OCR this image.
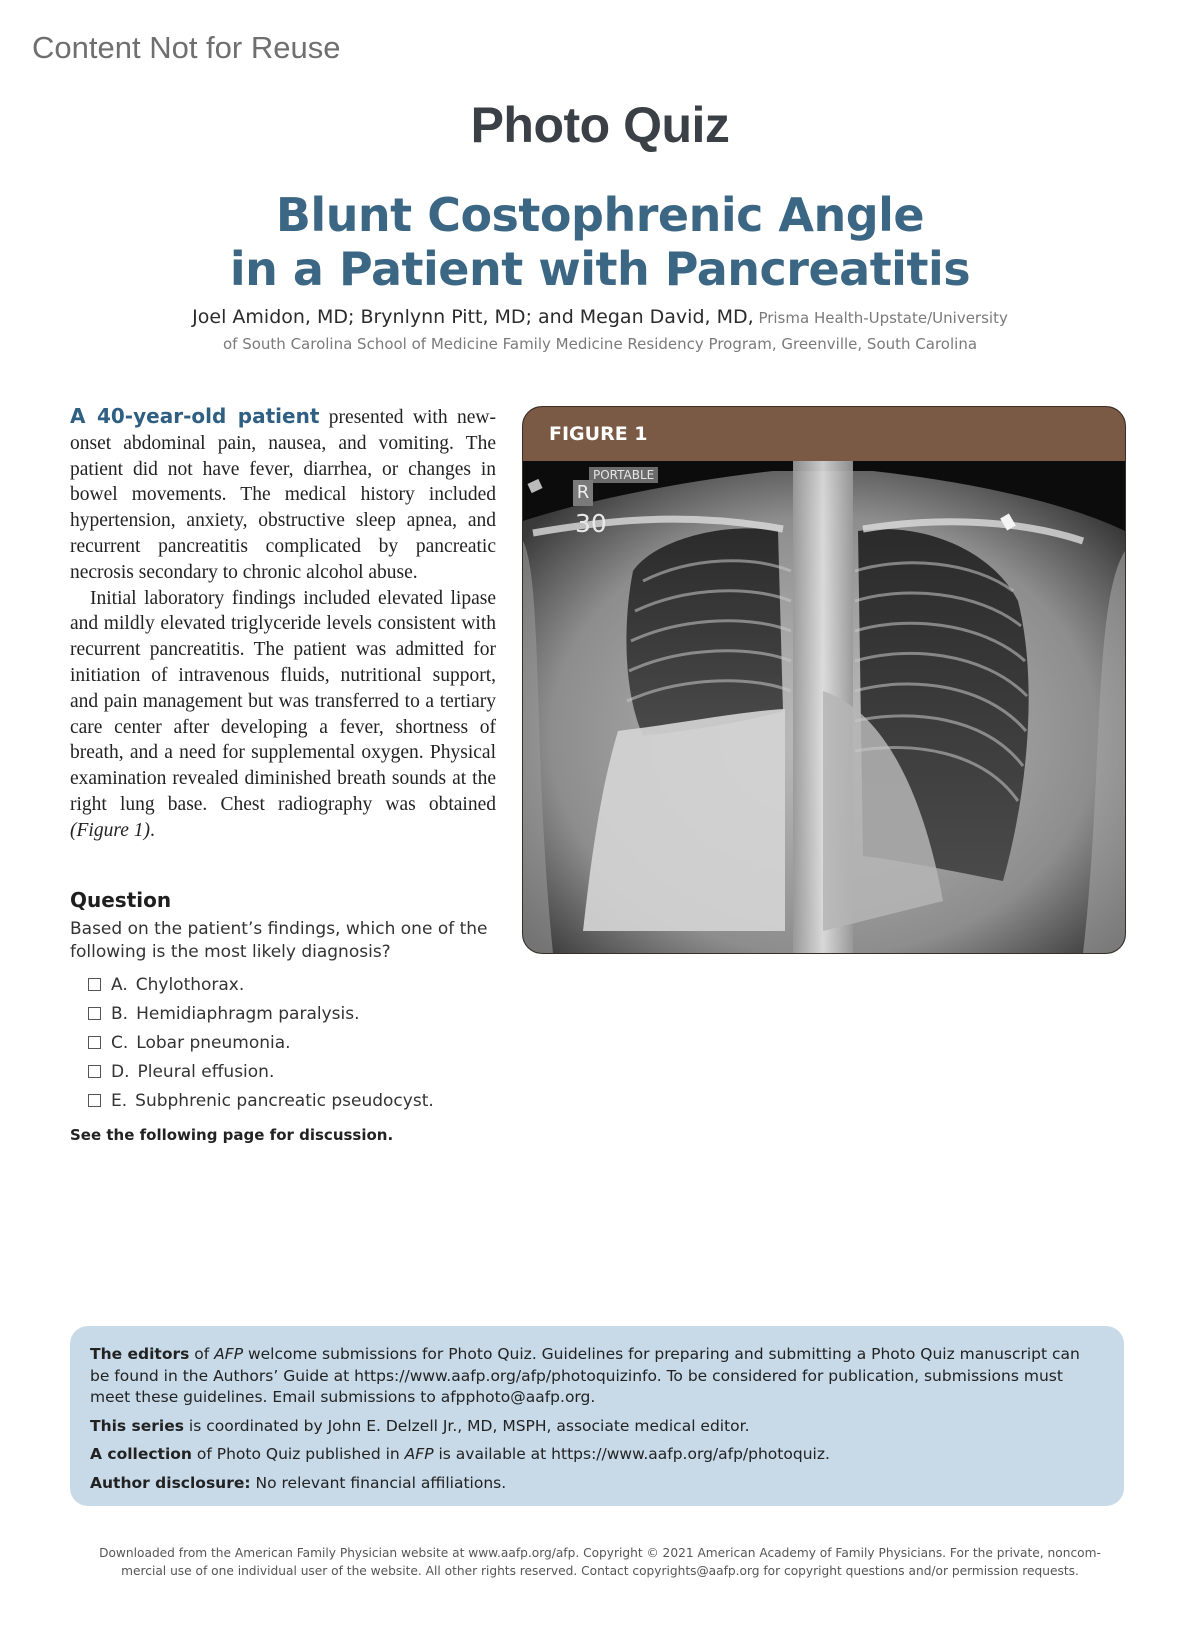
Content Not for Reuse
Photo Quiz
Blunt Costophrenic Angle
in a Patient with Pancreatitis
Joel Amidon, MD; Brynlynn Pitt, MD; and Megan David, MD, Prisma Health-Upstate/University
of South Carolina School of Medicine Family Medicine Residency Program, Greenville, South Carolina

A 40-year-old patient presented with new-onset abdominal pain, nausea, and vomiting. The patient did not have fever, diarrhea, or changes in bowel movements. The medical history included hypertension, anxiety, obstructive sleep apnea, and recurrent pancreatitis complicated by pancreatic necrosis secondary to chronic alcohol abuse.

Initial laboratory findings included elevated lipase and mildly elevated triglyceride levels consistent with recurrent pancreatitis. The patient was admitted for initiation of intravenous fluids, nutritional support, and pain management but was transferred to a tertiary care center after developing a fever, shortness of breath, and a need for supplemental oxygen. Physical examination revealed diminished breath sounds at the right lung base. Chest radiography was obtained (Figure 1).

Question
Based on the patient’s findings, which one of the following is the most likely diagnosis?
A. Chylothorax.
B. Hemidiaphragm paralysis.
C. Lobar pneumonia.
D. Pleural effusion.
E. Subphrenic pancreatic pseudocyst.
See the following page for discussion.
FIGURE 1
PORTABLE
R
30

The editors of AFP welcome submissions for Photo Quiz. Guidelines for preparing and submitting a Photo Quiz manuscript can be found in the Authors’ Guide at https://www.aafp.org/afp/photoquizinfo. To be considered for publication, submissions must meet these guidelines. Email submissions to afpphoto@aafp.org.

This series is coordinated by John E. Delzell Jr., MD, MSPH, associate medical editor.

A collection of Photo Quiz published in AFP is available at https://www.aafp.org/afp/photoquiz.

Author disclosure: No relevant financial affiliations.

Downloaded from the American Family Physician website at www.aafp.org/afp. Copyright © 2021 American Academy of Family Physicians. For the private, noncom-
mercial use of one individual user of the website. All other rights reserved. Contact copyrights@aafp.org for copyright questions and/or permission requests.
